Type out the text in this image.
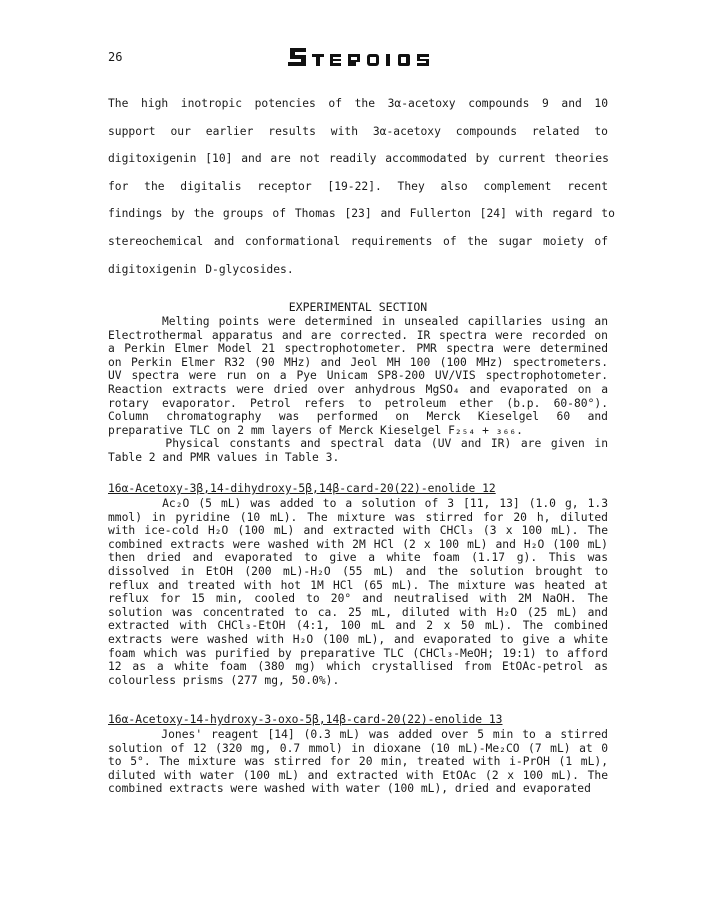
26
The high inotropic potencies of the 3α-acetoxy compounds 9 and 10
support our earlier results with 3α-acetoxy compounds related to
digitoxigenin [10] and are not readily accommodated by current theories
for the digitalis receptor [19-22]. They also complement recent
findings by the groups of Thomas [23] and Fullerton [24] with regard to
stereochemical and conformational requirements of the sugar moiety of
digitoxigenin D-glycosides.
EXPERIMENTAL SECTION
Melting points were determined in unsealed capillaries using an
Electrothermal apparatus and are corrected. IR spectra were recorded on
a Perkin Elmer Model 21 spectrophotometer. PMR spectra were determined
on Perkin Elmer R32 (90 MHz) and Jeol MH 100 (100 MHz) spectrometers.
UV spectra were run on a Pye Unicam SP8-200 UV/VIS spectrophotometer.
Reaction extracts were dried over anhydrous MgSO₄ and evaporated on a
rotary evaporator. Petrol refers to petroleum ether (b.p. 60-80°).
Column chromatography was performed on Merck Kieselgel 60 and
preparative TLC on 2 mm layers of Merck Kieselgel F₂₅₄ + ₃₆₆.
Physical constants and spectral data (UV and IR) are given in
Table 2 and PMR values in Table 3.
16α-Acetoxy-3β,14-dihydroxy-5β,14β-card-20(22)-enolide 12
Ac₂O (5 mL) was added to a solution of 3 [11, 13] (1.0 g, 1.3
mmol) in pyridine (10 mL). The mixture was stirred for 20 h, diluted
with ice-cold H₂O (100 mL) and extracted with CHCl₃ (3 x 100 mL). The
combined extracts were washed with 2M HCl (2 x 100 mL) and H₂O (100 mL)
then dried and evaporated to give a white foam (1.17 g). This was
dissolved in EtOH (200 mL)-H₂O (55 mL) and the solution brought to
reflux and treated with hot 1M HCl (65 mL). The mixture was heated at
reflux for 15 min, cooled to 20° and neutralised with 2M NaOH. The
solution was concentrated to ca. 25 mL, diluted with H₂O (25 mL) and
extracted with CHCl₃-EtOH (4:1, 100 mL and 2 x 50 mL). The combined
extracts were washed with H₂O (100 mL), and evaporated to give a white
foam which was purified by preparative TLC (CHCl₃-MeOH; 19:1) to afford
12 as a white foam (380 mg) which crystallised from EtOAc-petrol as
colourless prisms (277 mg, 50.0%).
16α-Acetoxy-14-hydroxy-3-oxo-5β,14β-card-20(22)-enolide 13
Jones' reagent [14] (0.3 mL) was added over 5 min to a stirred
solution of 12 (320 mg, 0.7 mmol) in dioxane (10 mL)-Me₂CO (7 mL) at 0
to 5°. The mixture was stirred for 20 min, treated with i-PrOH (1 mL),
diluted with water (100 mL) and extracted with EtOAc (2 x 100 mL). The
combined extracts were washed with water (100 mL), dried and evaporated
